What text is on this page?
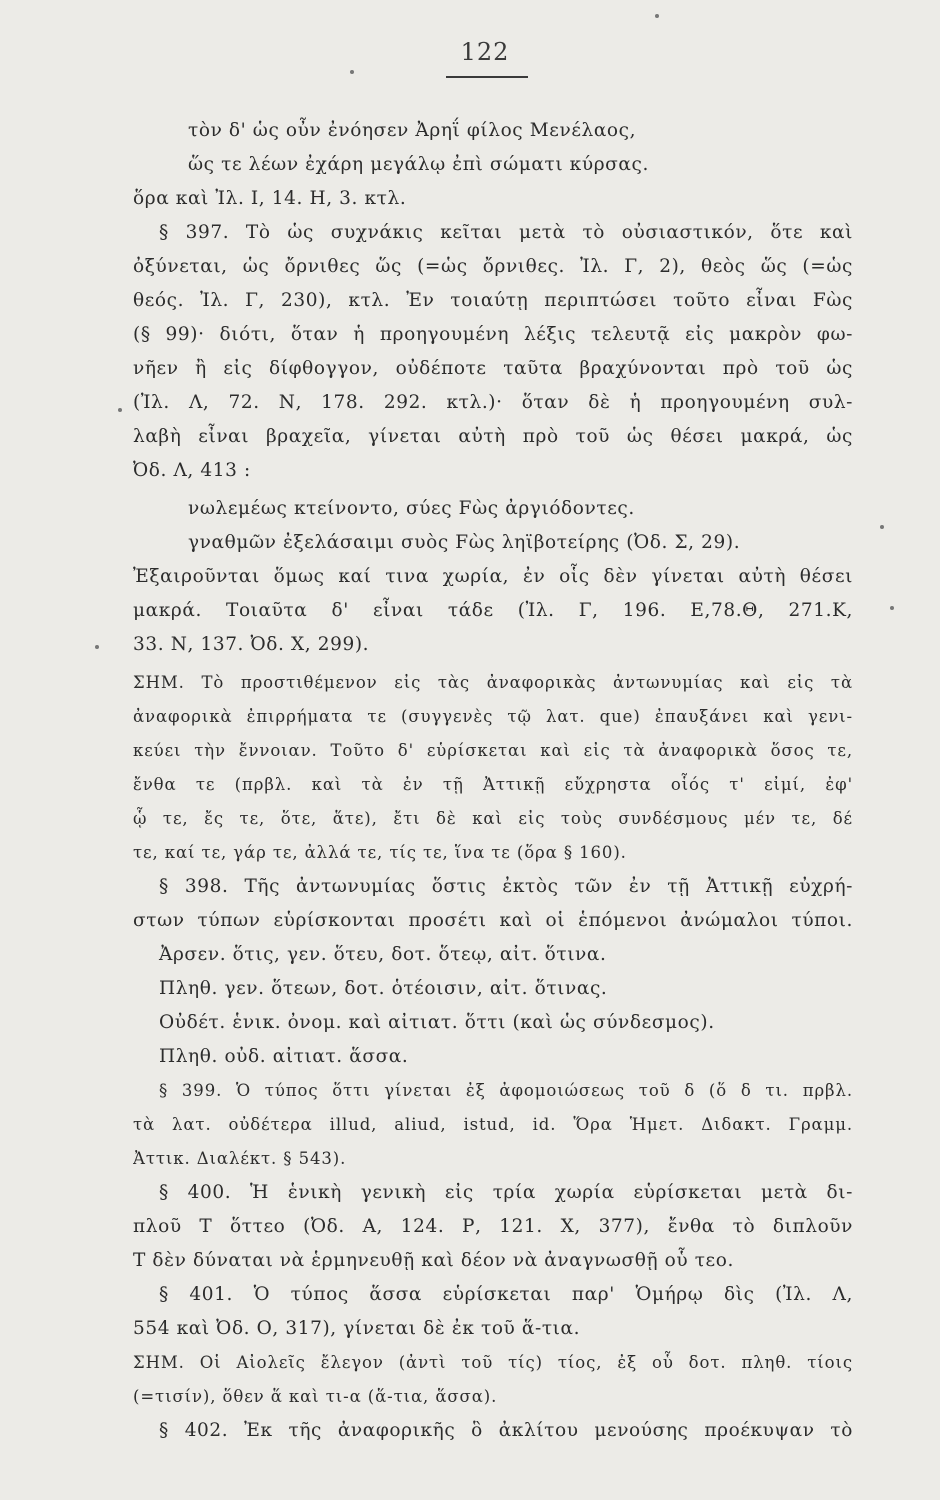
122
τὸν δ' ὡς οὖν ἐνόησεν Ἀρηΐ φίλος Μενέλαος,
ὥς τε λέων ἐχάρη μεγάλῳ ἐπὶ σώματι κύρσας.
ὅρα καὶ Ἰλ. Ι, 14. Η, 3. κτλ.
§ 397. Τὸ ὡς συχνάκις κεῖται μετὰ τὸ οὐσιαστικόν, ὅτε καὶ
ὀξύνεται, ὡς ὄρνιθες ὥς (=ὡς ὄρνιθες. Ἰλ. Γ, 2), θεὸς ὥς (=ὡς
θεός. Ἰλ. Γ, 230), κτλ. Ἐν τοιαύτῃ περιπτώσει τοῦτο εἶναι Fὼς
(§ 99)· διότι, ὅταν ἡ προηγουμένη λέξις τελευτᾷ εἰς μακρὸν φω-
νῆεν ἢ εἰς δίφθογγον, οὐδέποτε ταῦτα βραχύνονται πρὸ τοῦ ὡς
(Ἰλ. Λ, 72. Ν, 178. 292. κτλ.)· ὅταν δὲ ἡ προηγουμένη συλ-
λαβὴ εἶναι βραχεῖα, γίνεται αὐτὴ πρὸ τοῦ ὡς θέσει μακρά, ὡς
Ὀδ. Λ, 413 :
νωλεμέως κτείνοντο, σύες Fὼς ἀργιόδοντες.
γναθμῶν ἐξελάσαιμι συὸς Fὼς ληϊβοτείρης (Ὀδ. Σ, 29).
Ἐξαιροῦνται ὅμως καί τινα χωρία, ἐν οἷς δὲν γίνεται αὐτὴ θέσει
μακρά. Τοιαῦτα δ' εἶναι τάδε (Ἰλ. Γ, 196. Ε,78.Θ, 271.Κ,
33. Ν, 137. Ὀδ. Χ, 299).
ΣΗΜ. Τὸ προστιθέμενον εἰς τὰς ἀναφορικὰς ἀντωνυμίας καὶ εἰς τὰ
ἀναφορικὰ ἐπιρρήματα τε (συγγενὲς τῷ λατ. que) ἐπαυξάνει καὶ γενι-
κεύει τὴν ἔννοιαν. Τοῦτο δ' εὑρίσκεται καὶ εἰς τὰ ἀναφορικὰ ὅσος τε,
ἔνθα τε (πρβλ. καὶ τὰ ἐν τῇ Ἀττικῇ εὔχρηστα οἷός τ' εἰμί, ἐφ'
ᾧ τε, ἔς τε, ὅτε, ἅτε), ἔτι δὲ καὶ εἰς τοὺς συνδέσμους μέν τε, δέ
τε, καί τε, γάρ τε, ἀλλά τε, τίς τε, ἵνα τε (ὅρα § 160).
§ 398. Τῆς ἀντωνυμίας ὅστις ἐκτὸς τῶν ἐν τῇ Ἀττικῇ εὐχρή-
στων τύπων εὑρίσκονται προσέτι καὶ οἱ ἑπόμενοι ἀνώμαλοι τύποι.
Ἀρσεν. ὅτις, γεν. ὅτευ, δοτ. ὅτεῳ, αἰτ. ὅτινα.
Πληθ. γεν. ὅτεων, δοτ. ὁτέοισιν, αἰτ. ὅτινας.
Οὐδέτ. ἑνικ. ὀνομ. καὶ αἰτιατ. ὅττι (καὶ ὡς σύνδεσμος).
Πληθ. οὐδ. αἰτιατ. ἅσσα.
§ 399. Ὁ τύπος ὅττι γίνεται ἐξ ἀφομοιώσεως τοῦ δ (ὅ δ τι. πρβλ.
τὰ λατ. οὐδέτερα illud, aliud, istud, id. Ὅρα Ἡμετ. Διδακτ. Γραμμ.
Ἀττικ. Διαλέκτ. § 543).
§ 400. Ἡ ἑνικὴ γενικὴ εἰς τρία χωρία εὑρίσκεται μετὰ δι-
πλοῦ Τ ὅττεο (Ὀδ. Α, 124. Ρ, 121. Χ, 377), ἔνθα τὸ διπλοῦν
Τ δὲν δύναται νὰ ἑρμηνευθῇ καὶ δέον νὰ ἀναγνωσθῇ οὗ τεο.
§ 401. Ὁ τύπος ἅσσα εὑρίσκεται παρ' Ὁμήρῳ δὶς (Ἰλ. Λ,
554 καὶ Ὀδ. Ο, 317), γίνεται δὲ ἐκ τοῦ ἅ-τια.
ΣΗΜ. Οἱ Αἰολεῖς ἔλεγον (ἀντὶ τοῦ τίς) τίος, ἐξ οὗ δοτ. πληθ. τίοις
(=τισίν), ὅθεν ἅ καὶ τι-α (ἅ-τια, ἅσσα).
§ 402. Ἐκ τῆς ἀναφορικῆς ὃ ἀκλίτου μενούσης προέκυψαν τὸ
